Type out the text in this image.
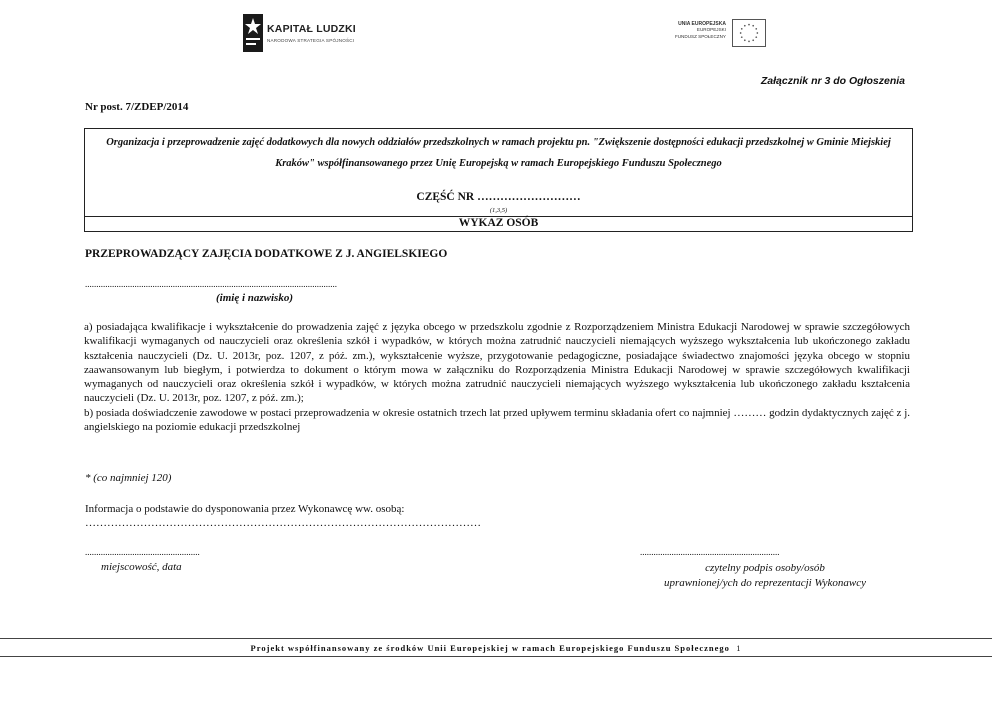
KAPITAŁ LUDZKI
NARODOWA STRATEGIA SPÓJNOŚCI
UNIA EUROPEJSKA
EUROPEJSKI
FUNDUSZ SPOŁECZNY
Załącznik nr 3 do Ogłoszenia
Nr post. 7/ZDEP/2014
Organizacja i przeprowadzenie zajęć dodatkowych dla nowych oddziałów przedszkolnych w ramach projektu pn. "Zwiększenie dostępności edukacji przedszkolnej w Gminie Miejskiej Kraków" współfinansowanego przez Unię Europejską w ramach Europejskiego Funduszu Społecznego
CZĘŚĆ NR ………………………
(1,3,5)
WYKAZ OSÓB
PRZEPROWADZĄCY ZAJĘCIA DODATKOWE Z J. ANGIELSKIEGO
................................................................................................................
(imię i nazwisko)

a) posiadająca kwalifikacje i wykształcenie do prowadzenia zajęć z języka obcego w przedszkolu zgodnie z Rozporządzeniem Ministra Edukacji Narodowej w sprawie szczegółowych kwalifikacji wymaganych od nauczycieli oraz określenia szkół i wypadków, w których można zatrudnić nauczycieli niemających wyższego wykształcenia lub ukończonego zakładu kształcenia nauczycieli (Dz. U. 2013r, poz. 1207, z póź. zm.), wykształcenie wyższe, przygotowanie pedagogiczne, posiadające świadectwo znajomości języka obcego w stopniu zaawansowanym lub biegłym, i potwierdza to dokument o którym mowa w załączniku do Rozporządzenia Ministra Edukacji Narodowej w sprawie szczegółowych kwalifikacji wymaganych od nauczycieli oraz określenia szkół i wypadków, w których można zatrudnić nauczycieli niemających wyższego wykształcenia lub ukończonego zakładu kształcenia nauczycieli (Dz. U. 2013r, poz. 1207, z póź. zm.);

b) posiada doświadczenie zawodowe w postaci przeprowadzenia w okresie ostatnich trzech lat przed upływem terminu składania ofert co najmniej ……… godzin dydaktycznych zajęć z j. angielskiego na poziomie edukacji przedszkolnej

* (co najmniej 120)
Informacja o podstawie do dysponowania przez Wykonawcę ww. osobą:
………………………………………………………………………………………………
...................................................
miejscowość, data
..............................................................
czytelny podpis osoby/osób
uprawnionej/ych do reprezentacji Wykonawcy
Projekt współfinansowany ze środków Unii Europejskiej w ramach Europejskiego Funduszu Społecznego 1
